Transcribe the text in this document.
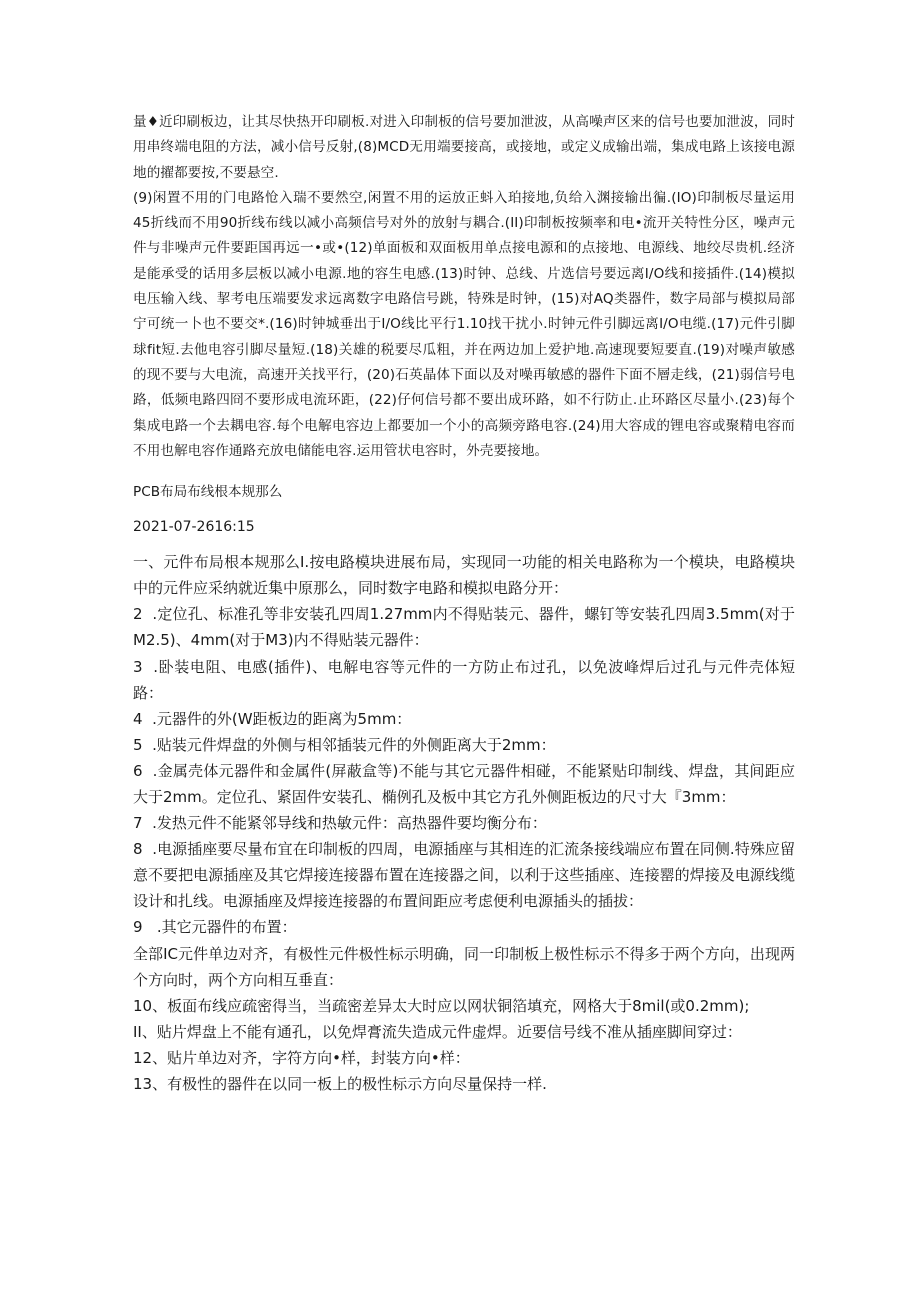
量♦近印刷板边，让其尽快热开印刷板.对进入印制板的信号要加泄波，从高噪声区来的信号也要加泄波，同时用串终端电阻的方法，减小信号反射,(8)MCD无用端要接高，或接地，或定义成输出端，集成电路上该接电源地的擢都要按,不要悬空.

(9)闲置不用的门电路怆入瑞不要然空,闲置不用的运放正蚪入珀接地,负给入渊接输出徧.(IO)印制板尽量运用45折线而不用90折线布线以减小高频信号对外的放射与耦合.(II)印制板按频率和电•流开关特性分区，噪声元件与非噪声元件要距国再远一•或•(12)单面板和双面板用单点接电源和的点接地、电源线、地绞尽贵机.经济是能承受的话用多层板以减小电源.地的容生电感.(13)时钟、总线、片选信号要远离I/O线和接插件.(14)模拟电压输入线、挈考电压端要发求远离数字电路信号跳，特殊是时钟，(15)对AQ类器件，数字局部与模拟局部宁可统一卜也不要交*.(16)时钟城垂出于I/O线比平行1.10找干扰小.时钟元件引脚远离I/O电缆.(17)元件引脚球fit短.去他电容引脚尽量短.(18)关雄的税要尽瓜粗，并在两边加上爱护地.高速现要短要直.(19)对噪声敏感的现不要与大电流，高速开关找平行，(20)石英晶体下面以及对噪再敏感的器件下面不層走线，(21)弱信号电路，低频电路四冏不要形成电流环距，(22)仔何信号都不要出成环路，如不行防止.止环路区尽量小.(23)每个集成电路一个去耦电容.每个电解电容边上都要加一个小的高频旁路电容.(24)用大容成的锂电容或聚精电容而不用也解电容作通路充放电储能电容.运用管状电容时，外壳要接地。

PCB布局布线根本规那么
2021-07-2616:15

一、元件布局根本规那么I.按电路模块进展布局，实现同一功能的相关电路称为一个模块，电路模块中的元件应采纳就近集中原那么，同时数字电路和模拟电路分开：

2  .定位孔、标准孔等非安装孔四周1.27mm内不得贴装元、器件，螺钉等安装孔四周3.5mm(对于M2.5)、4mm(对于M3)内不得贴装元器件：

3  .卧装电阻、电感(插件)、电解电容等元件的一方防止布过孔，以免波峰焊后过孔与元件壳体短路：

4  .元器件的外(W距板边的距离为5mm：

5  .贴装元件焊盘的外侧与相邻插装元件的外侧距离大于2mm：

6  .金属壳体元器件和金属件(屏蔽盒等)不能与其它元器件相碰，不能紧贴印制线、焊盘，其间距应大于2mm。定位孔、紧固件安装孔、椭例孔及板中其它方孔外侧距板边的尺寸大『3mm：

7  .发热元件不能紧邻导线和热敏元件：高热器件要均衡分布：

8  .电源插座要尽量布宜在印制板的四周，电源插座与其相连的汇流条接线端应布置在同侧.特殊应留意不要把电源插座及其它焊接连接器布置在连接器之间，以利于这些插座、连接罂的焊接及电源线缆设计和扎线。电源插座及焊接连接器的布置间距应考虑便利电源插头的插拔：

9   .其它元器件的布置：

全部IC元件单边对齐，有极性元件极性标示明确，同一印制板上极性标示不得多于两个方向，出现两个方向时，两个方向相互垂直：

10、板面布线应疏密得当，当疏密差异太大时应以网状铜箔填充，网格大于8mil(或0.2mm);

II、贴片焊盘上不能有通孔，以免焊膏流失造成元件虚焊。近要信号线不准从插座脚间穿过：

12、贴片单边对齐，字符方向•样，封装方向•样：

13、有极性的器件在以同一板上的极性标示方向尽量保持一样.
